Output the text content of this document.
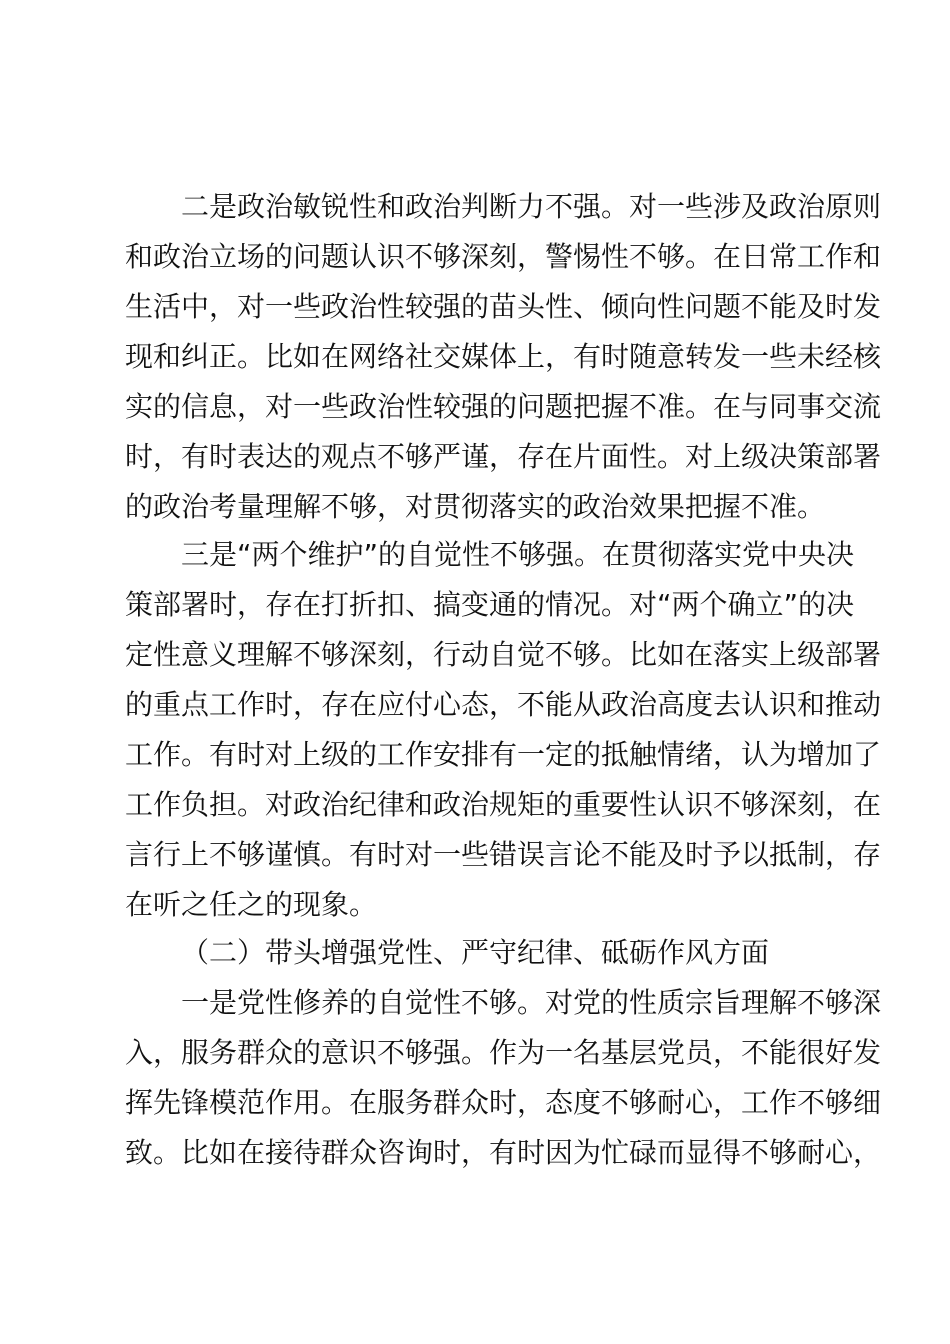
二是政治敏锐性和政治判断力不强。对一些涉及政治原则
和政治立场的问题认识不够深刻，警惕性不够。在日常工作和
生活中，对一些政治性较强的苗头性、倾向性问题不能及时发
现和纠正。比如在网络社交媒体上，有时随意转发一些未经核
实的信息，对一些政治性较强的问题把握不准。在与同事交流
时，有时表达的观点不够严谨，存在片面性。对上级决策部署
的政治考量理解不够，对贯彻落实的政治效果把握不准。
三是“两个维护”的自觉性不够强。在贯彻落实党中央决
策部署时，存在打折扣、搞变通的情况。对“两个确立”的决
定性意义理解不够深刻，行动自觉不够。比如在落实上级部署
的重点工作时，存在应付心态，不能从政治高度去认识和推动
工作。有时对上级的工作安排有一定的抵触情绪，认为增加了
工作负担。对政治纪律和政治规矩的重要性认识不够深刻，在
言行上不够谨慎。有时对一些错误言论不能及时予以抵制，存
在听之任之的现象。
（二）带头增强党性、严守纪律、砥砺作风方面
一是党性修养的自觉性不够。对党的性质宗旨理解不够深
入，服务群众的意识不够强。作为一名基层党员，不能很好发
挥先锋模范作用。在服务群众时，态度不够耐心，工作不够细
致。比如在接待群众咨询时，有时因为忙碌而显得不够耐心，
